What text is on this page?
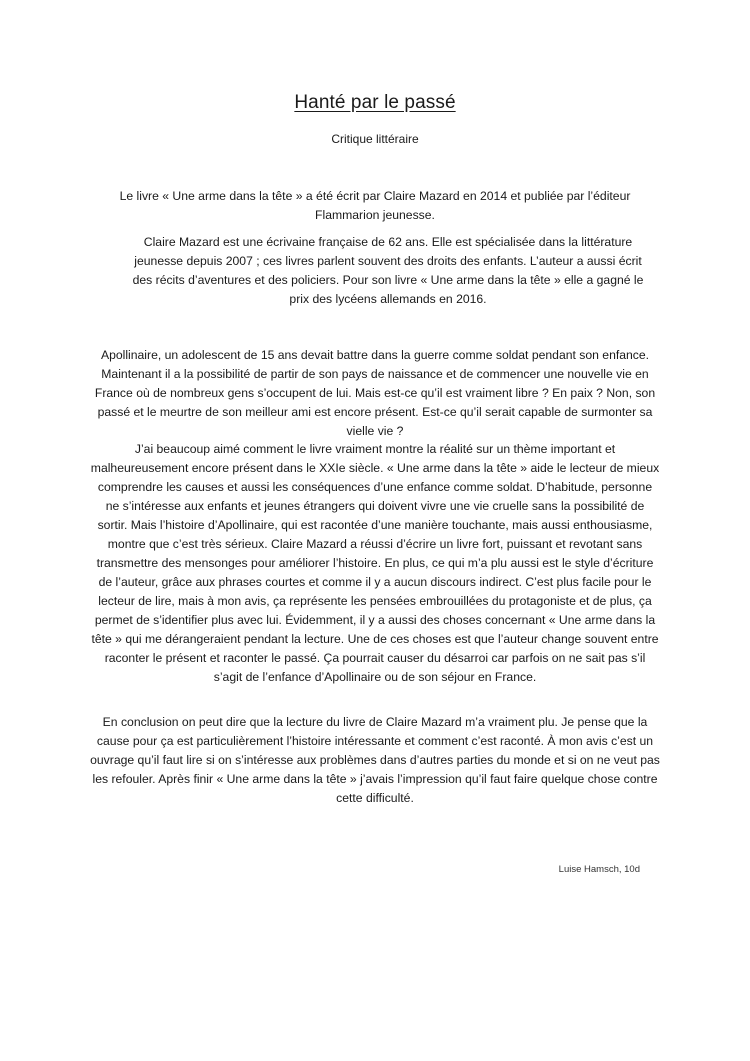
Hanté par le passé
Critique littéraire

Le livre « Une arme dans la tête » a été écrit par Claire Mazard en 2014 et publiée par l’éditeur Flammarion jeunesse.

Claire Mazard est une écrivaine française de 62 ans. Elle est spécialisée dans la littérature jeunesse depuis 2007 ; ces livres parlent souvent des droits des enfants. L’auteur a aussi écrit des récits d’aventures et des policiers. Pour son livre « Une arme dans la tête » elle a gagné le prix des lycéens allemands en 2016.

Apollinaire, un adolescent de 15 ans devait battre dans la guerre comme soldat pendant son enfance. Maintenant il a la possibilité de partir de son pays de naissance et de commencer une nouvelle vie en France où de nombreux gens s’occupent de lui. Mais est-ce qu’il est vraiment libre ? En paix ? Non, son passé et le meurtre de son meilleur ami est encore présent. Est-ce qu’il serait capable de surmonter sa vielle vie ?

J’ai beaucoup aimé comment le livre vraiment montre la réalité sur un thème important et malheureusement encore présent dans le XXIe siècle. « Une arme dans la tête » aide le lecteur de mieux comprendre les causes et aussi les conséquences d’une enfance comme soldat. D’habitude, personne ne s’intéresse aux enfants et jeunes étrangers qui doivent vivre une vie cruelle sans la possibilité de sortir. Mais l’histoire d’Apollinaire, qui est racontée d’une manière touchante, mais aussi enthousiasme, montre que c’est très sérieux. Claire Mazard a réussi d’écrire un livre fort, puissant et revotant sans transmettre des mensonges pour améliorer l’histoire. En plus, ce qui m’a plu aussi est le style d’écriture de l’auteur, grâce aux phrases courtes et comme il y a aucun discours indirect. C’est plus facile pour le lecteur de lire, mais à mon avis, ça représente les pensées embrouillées du protagoniste et de plus, ça permet de s’identifier plus avec lui. Évidemment, il y a aussi des choses concernant « Une arme dans la tête » qui me dérangeraient pendant la lecture. Une de ces choses est que l’auteur change souvent entre raconter le présent et raconter le passé. Ça pourrait causer du désarroi car parfois on ne sait pas s’il s’agit de l’enfance d’Apollinaire ou de son séjour en France.

En conclusion on peut dire que la lecture du livre de Claire Mazard m’a vraiment plu. Je pense que la cause pour ça est particulièrement l’histoire intéressante et comment c’est raconté. À mon avis c’est un ouvrage qu’il faut lire si on s’intéresse aux problèmes dans d’autres parties du monde et si on ne veut pas les refouler. Après finir « Une arme dans la tête » j’avais l’impression qu’il faut faire quelque chose contre cette difficulté.

Luise Hamsch, 10d
